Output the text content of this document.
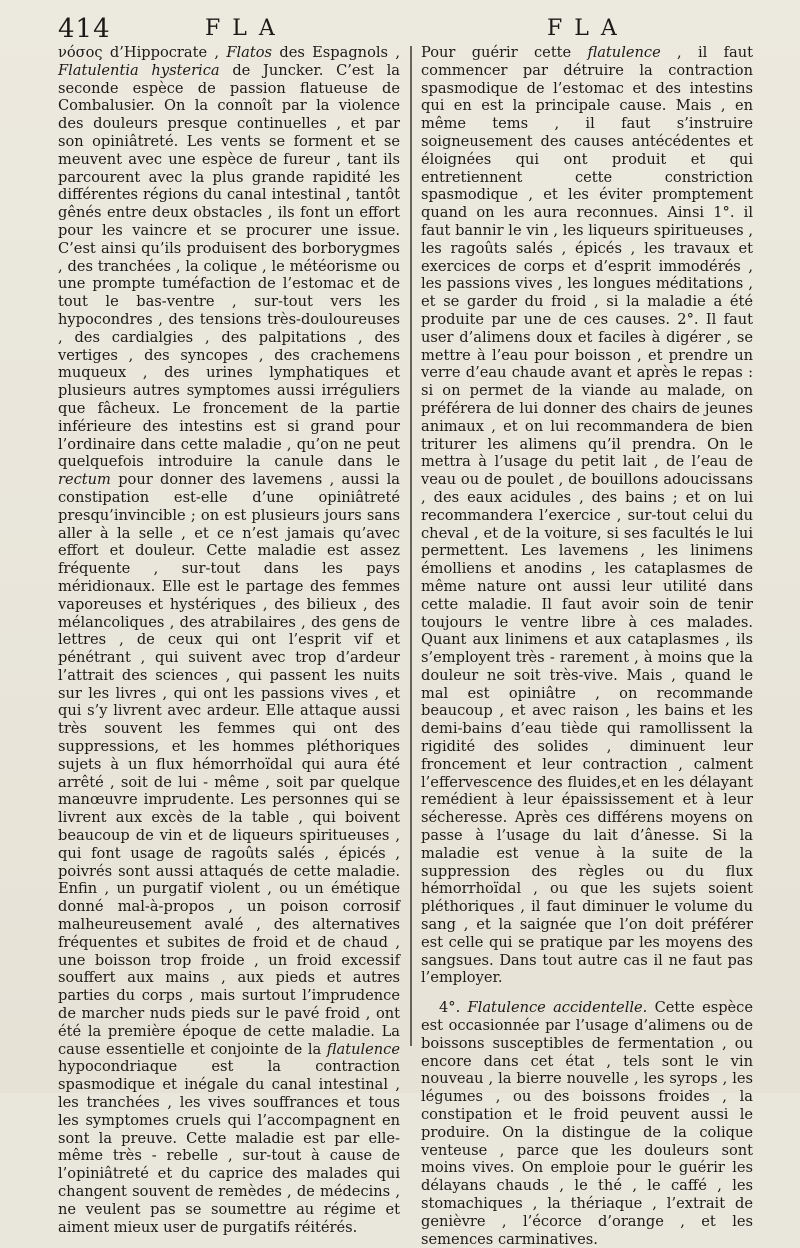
414	FLA	FLA

νόσος d’Hippocrate , Flatos des Espagnols , Flatulentia hysterica de Juncker. C’est la seconde espèce de passion flatueuse de Combalusier. On la connoît par la violence des douleurs presque continuelles , et par son opiniâtreté. Les vents se forment et se meuvent avec une espèce de fureur , tant ils parcourent avec la plus grande rapidité les différentes régions du canal intestinal , tantôt gênés entre deux obstacles , ils font un effort pour les vaincre et se procurer une issue. C’est ainsi qu’ils produisent des borborygmes , des tranchées , la colique , le météorisme ou une prompte tuméfaction de l’estomac et de tout le bas-ventre , sur-tout vers les hypocondres , des tensions très-douloureuses , des cardialgies , des palpitations , des vertiges , des syncopes , des crachemens muqueux , des urines lymphatiques et plusieurs autres symptomes aussi irréguliers que fâcheux. Le froncement de la partie inférieure des intestins est si grand pour l’ordinaire dans cette maladie , qu’on ne peut quelquefois introduire la canule dans le rectum pour donner des lavemens , aussi la constipation est-elle d’une opiniâtreté presqu’invincible ; on est plusieurs jours sans aller à la selle , et ce n’est jamais qu’avec effort et douleur. Cette maladie est assez fréquente , sur-tout dans les pays méridionaux. Elle est le partage des femmes vaporeuses et hystériques , des bilieux , des mélancoliques , des atrabilaires , des gens de lettres , de ceux qui ont l’esprit vif et pénétrant , qui suivent avec trop d’ardeur l’attrait des sciences , qui passent les nuits sur les livres , qui ont les passions vives , et qui s’y livrent avec ardeur. Elle attaque aussi très souvent les femmes qui ont des suppressions, et les hommes pléthoriques sujets à un flux hémorrhoïdal qui aura été arrêté , soit de lui - même , soit par quelque manœuvre imprudente. Les personnes qui se livrent aux excès de la table , qui boivent beaucoup de vin et de liqueurs spiritueuses , qui font usage de ragoûts salés , épicés , poivrés sont aussi attaqués de cette maladie. Enfin , un purgatif violent , ou un émétique donné mal-à-propos , un poison corrosif malheureusement avalé , des alternatives fréquentes et subites de froid et de chaud , une boisson trop froide , un froid excessif souffert aux mains , aux pieds et autres parties du corps , mais surtout l’imprudence de marcher nuds pieds sur le pavé froid , ont été la première époque de cette maladie. La cause essentielle et conjointe de la flatulence hypocondriaque est la contraction spasmodique et inégale du canal intestinal , les tranchées , les vives souffrances et tous les symptomes cruels qui l’accompagnent en sont la preuve. Cette maladie est par elle-même très - rebelle , sur-tout à cause de l’opiniâtreté et du caprice des malades qui changent souvent de remèdes , de médecins , ne veulent pas se soumettre au régime et aiment mieux user de purgatifs réitérés.

Pour guérir cette flatulence , il faut commencer par détruire la contraction spasmodique de l’estomac et des intestins qui en est la principale cause. Mais , en même tems , il faut s’instruire soigneusement des causes antécédentes et éloignées qui ont produit et qui entretiennent cette constriction spasmodique , et les éviter promptement quand on les aura reconnues. Ainsi 1°. il faut bannir le vin , les liqueurs spiritueuses , les ragoûts salés , épicés , les travaux et exercices de corps et d’esprit immodérés , les passions vives , les longues méditations , et se garder du froid , si la maladie a été produite par une de ces causes. 2°. Il faut user d’alimens doux et faciles à digérer , se mettre à l’eau pour boisson , et prendre un verre d’eau chaude avant et après le repas : si on permet de la viande au malade, on préférera de lui donner des chairs de jeunes animaux , et on lui recommandera de bien triturer les alimens qu’il prendra. On le mettra à l’usage du petit lait , de l’eau de veau ou de poulet , de bouillons adoucissans , des eaux acidules , des bains ; et on lui recommandera l’exercice , sur-tout celui du cheval , et de la voiture, si ses facultés le lui permettent. Les lavemens , les linimens émolliens et anodins , les cataplasmes de même nature ont aussi leur utilité dans cette maladie. Il faut avoir soin de tenir toujours le ventre libre à ces malades. Quant aux linimens et aux cataplasmes , ils s’employent très - rarement , à moins que la douleur ne soit très-vive. Mais , quand le mal est opiniâtre , on recommande beaucoup , et avec raison , les bains et les demi-bains d’eau tiède qui ramollissent la rigidité des solides , diminuent leur froncement et leur contraction , calment l’effervescence des fluides,et en les délayant remédient à leur épaississement et à leur sécheresse. Après ces différens moyens on passe à l’usage du lait d’ânesse. Si la maladie est venue à la suite de la suppression des règles ou du flux hémorrhoïdal , ou que les sujets soient pléthoriques , il faut diminuer le volume du sang , et la saignée que l’on doit préférer est celle qui se pratique par les moyens des sangsues. Dans tout autre cas il ne faut pas l’employer.

4°. Flatulence accidentelle. Cette espèce est occasionnée par l’usage d’alimens ou de boissons susceptibles de fermentation , ou encore dans cet état , tels sont le vin nouveau , la bierre nouvelle , les syrops , les légumes , ou des boissons froides , la constipation et le froid peuvent aussi le produire. On la distingue de la colique venteuse , parce que les douleurs sont moins vives. On emploie pour le guérir les délayans chauds , le thé , le caffé , les stomachiques , la thériaque , l’extrait de genièvre , l’écorce d’orange , et les semences carminatives.
